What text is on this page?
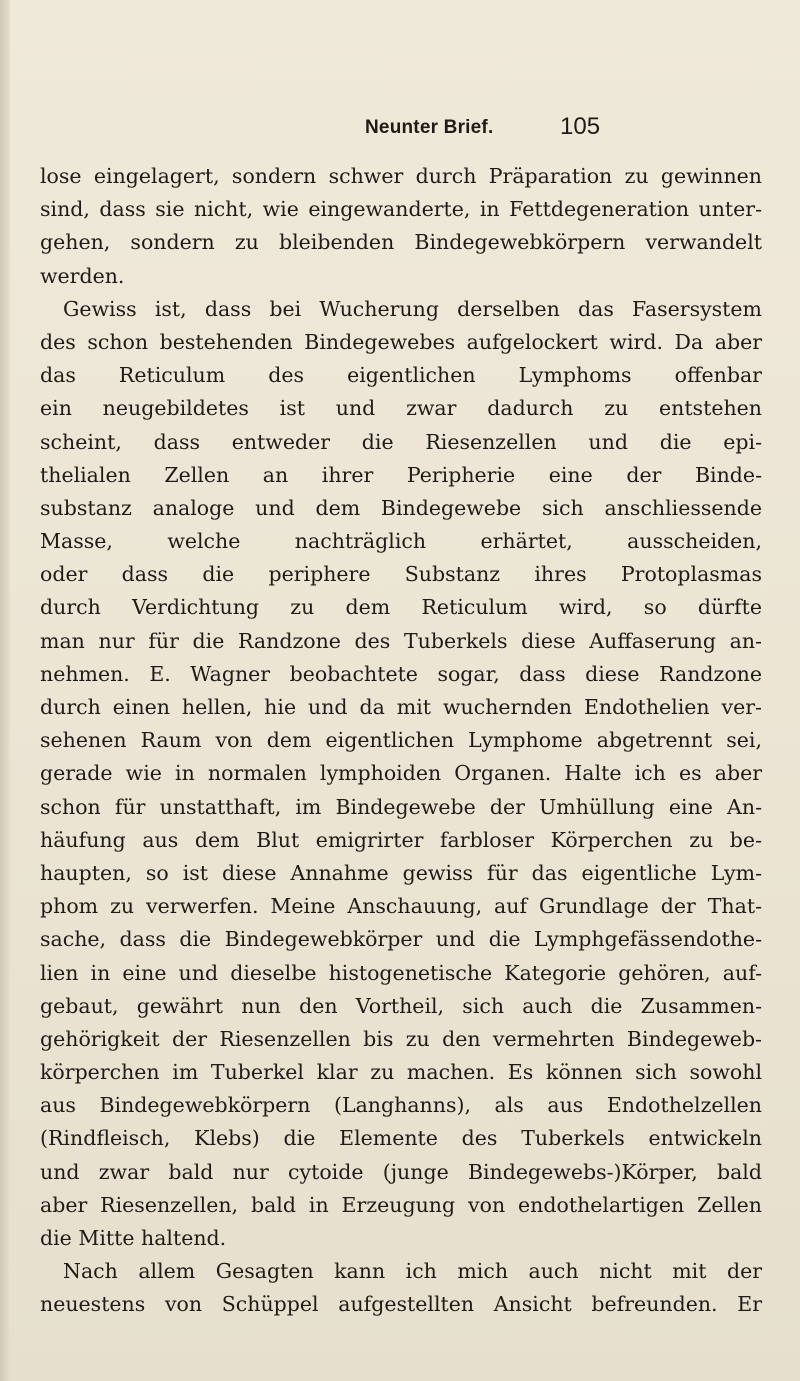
Neunter Brief.	105
lose eingelagert, sondern schwer durch Präparation zu gewinnen
sind, dass sie nicht, wie eingewanderte, in Fettdegeneration unter-
gehen, sondern zu bleibenden Bindegewebkörpern verwandelt
werden.
Gewiss ist, dass bei Wucherung derselben das Fasersystem
des schon bestehenden Bindegewebes aufgelockert wird. Da aber
das Reticulum des eigentlichen Lymphoms offenbar
ein neugebildetes ist und zwar dadurch zu entstehen
scheint, dass entweder die Riesenzellen und die epi-
thelialen Zellen an ihrer Peripherie eine der Binde-
substanz analoge und dem Bindegewebe sich anschliessende
Masse, welche nachträglich erhärtet, ausscheiden,
oder dass die periphere Substanz ihres Protoplasmas
durch Verdichtung zu dem Reticulum wird, so dürfte
man nur für die Randzone des Tuberkels diese Auffaserung an-
nehmen. E. Wagner beobachtete sogar, dass diese Randzone
durch einen hellen, hie und da mit wuchernden Endothelien ver-
sehenen Raum von dem eigentlichen Lymphome abgetrennt sei,
gerade wie in normalen lymphoiden Organen. Halte ich es aber
schon für unstatthaft, im Bindegewebe der Umhüllung eine An-
häufung aus dem Blut emigrirter farbloser Körperchen zu be-
haupten, so ist diese Annahme gewiss für das eigentliche Lym-
phom zu verwerfen. Meine Anschauung, auf Grundlage der That-
sache, dass die Bindegewebkörper und die Lymphgefässendothe-
lien in eine und dieselbe histogenetische Kategorie gehören, auf-
gebaut, gewährt nun den Vortheil, sich auch die Zusammen-
gehörigkeit der Riesenzellen bis zu den vermehrten Bindegeweb-
körperchen im Tuberkel klar zu machen. Es können sich sowohl
aus Bindegewebkörpern (Langhanns), als aus Endothelzellen
(Rindfleisch, Klebs) die Elemente des Tuberkels entwickeln
und zwar bald nur cytoide (junge Bindegewebs-)Körper, bald
aber Riesenzellen, bald in Erzeugung von endothelartigen Zellen
die Mitte haltend.
Nach allem Gesagten kann ich mich auch nicht mit der
neuestens von Schüppel aufgestellten Ansicht befreunden. Er
